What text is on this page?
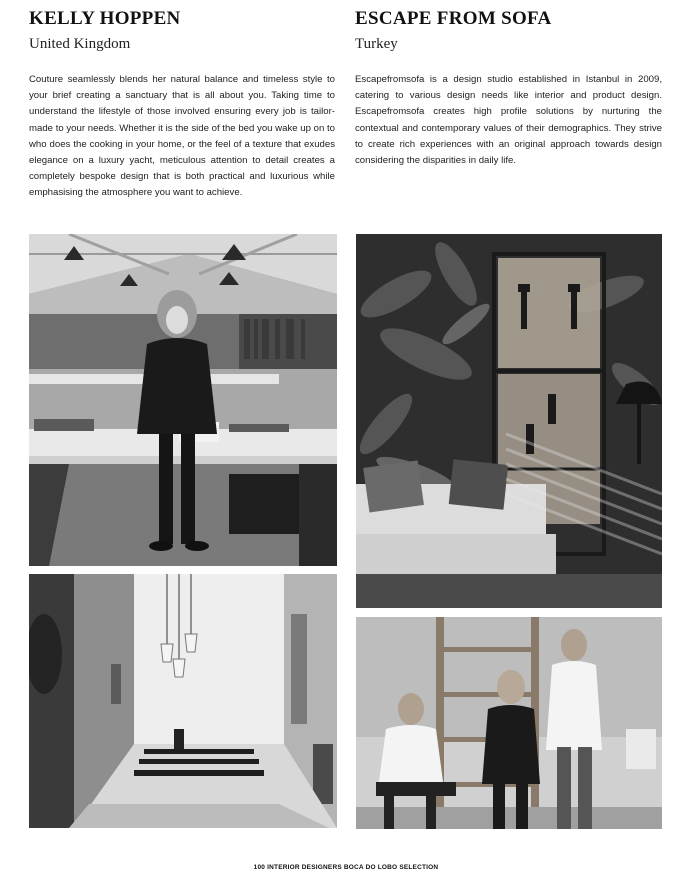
KELLY HOPPEN

United Kingdom

Couture seamlessly blends her natural balance and timeless style to your brief creating a sanctuary that is all about you. Taking time to understand the lifestyle of those involved ensuring every job is tailor-made to your needs. Whether it is the side of the bed you wake up on to who does the cooking in your home, or the feel of a texture that exudes elegance on a luxury yacht, meticulous attention to detail creates a completely bespoke design that is both practical and luxurious while emphasising the atmosphere you want to achieve.

ESCAPE FROM SOFA

Turkey

Escapefromsofa is a design studio established in Istanbul in 2009, catering to various design needs like interior and product design. Escapefromsofa creates high profile solutions by nurturing the contextual and contemporary values of their demographics. They strive to create rich experiences with an original approach towards design considering the disparities in daily life.

100 INTERIOR DESIGNERS BOCA DO LOBO SELECTION
